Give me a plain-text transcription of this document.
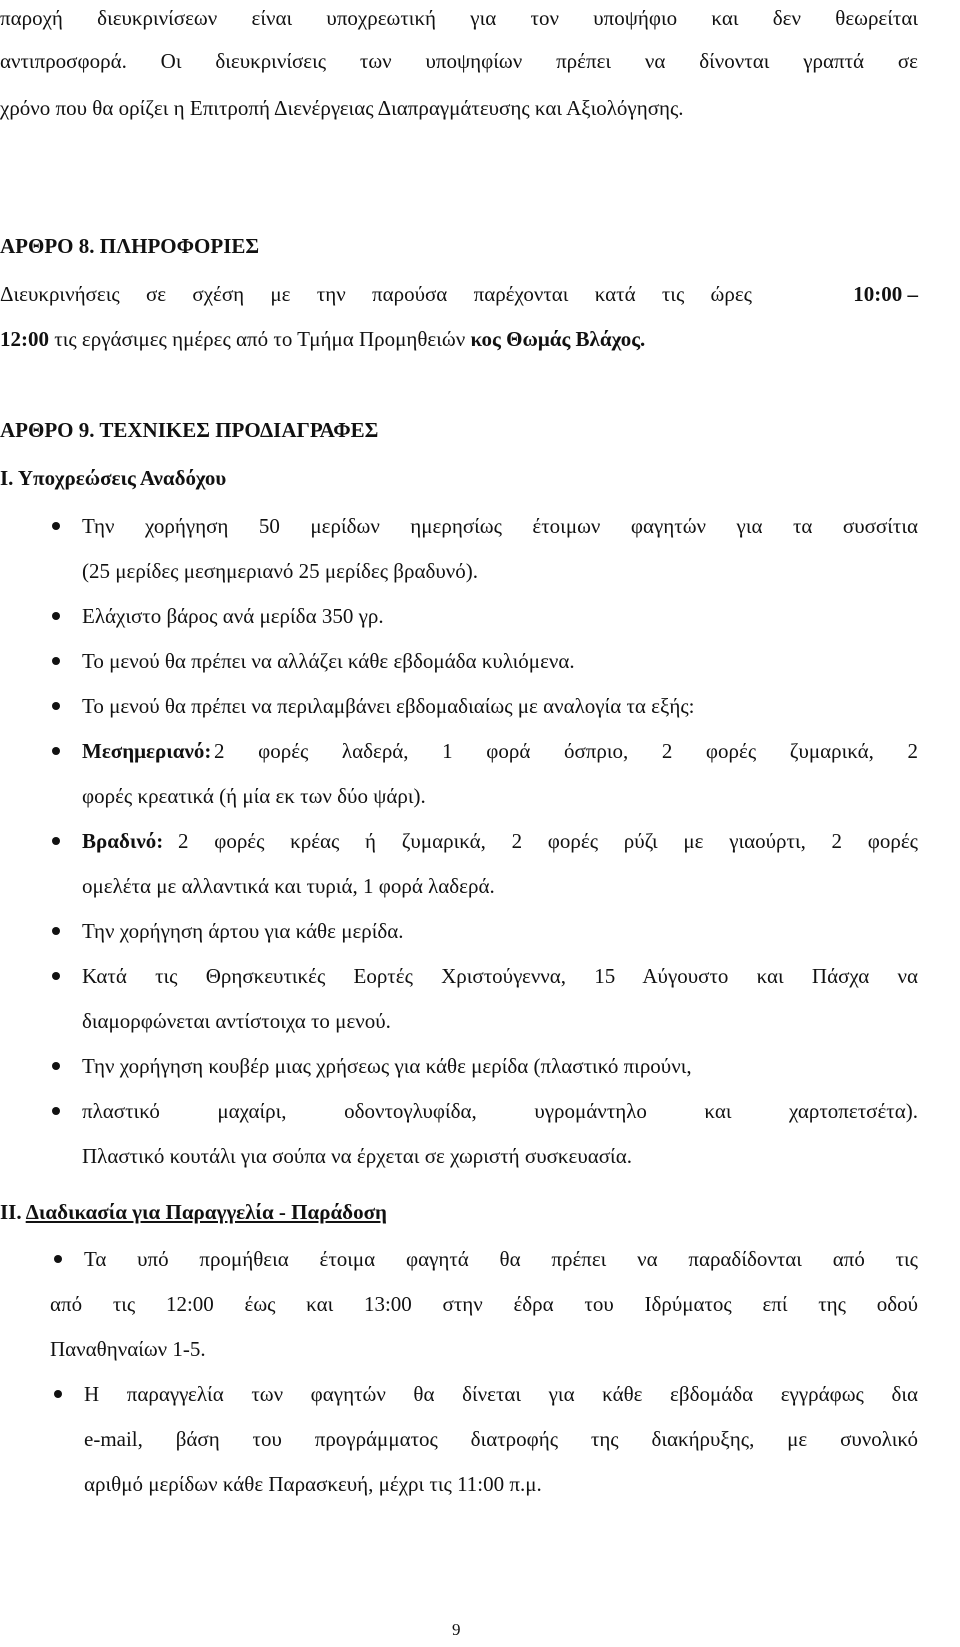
παροχή διευκρινίσεων είναι υποχρεωτική για τον υποψήφιο και δεν θεωρείται
αντιπροσφορά. Οι διευκρινίσεις των υποψηφίων πρέπει να δίνονται γραπτά σε
χρόνο που θα ορίζει η Επιτροπή Διενέργειας Διαπραγμάτευσης και Αξιολόγησης.
ΑΡΘΡΟ 8. ΠΛΗΡΟΦΟΡΙΕΣ
Διευκρινήσεις σε σχέση με την παρούσα παρέχονται κατά τις ώρες	10:00 –
12:00 τις εργάσιμες ημέρες από το Τμήμα Προμηθειών κος Θωμάς Βλάχος.
ΑΡΘΡΟ 9. ΤΕΧΝΙΚΕΣ ΠΡΟΔΙΑΓΡΑΦΕΣ
Ι. Υποχρεώσεις Αναδόχου
Την χορήγηση 50 μερίδων ημερησίως έτοιμων φαγητών για τα συσσίτια
(25 μερίδες μεσημεριανό 25 μερίδες βραδυνό).
Ελάχιστο βάρος ανά μερίδα 350 γρ.
Το μενού θα πρέπει να αλλάζει κάθε εβδομάδα κυλιόμενα.
Το μενού θα πρέπει να περιλαμβάνει εβδομαδιαίως με αναλογία τα εξής:
Μεσημεριανό: 2 φορές λαδερά, 1 φορά όσπριο, 2 φορές ζυμαρικά, 2
φορές κρεατικά (ή μία εκ των δύο ψάρι).
Βραδινό: 2 φορές κρέας ή ζυμαρικά, 2 φορές ρύζι με γιαούρτι, 2 φορές
ομελέτα με αλλαντικά και τυριά, 1 φορά λαδερά.
Την χορήγηση άρτου για κάθε μερίδα.
Κατά τις Θρησκευτικές Εορτές Χριστούγεννα, 15 Αύγουστο και Πάσχα να
διαμορφώνεται αντίστοιχα το μενού.
Την χορήγηση κουβέρ μιας χρήσεως για κάθε μερίδα (πλαστικό πιρούνι,
πλαστικό μαχαίρι, οδοντογλυφίδα, υγρομάντηλο και χαρτοπετσέτα).
Πλαστικό κουτάλι για σούπα να έρχεται σε χωριστή συσκευασία.
ΙΙ. Διαδικασία για Παραγγελία - Παράδοση
Τα υπό προμήθεια έτοιμα φαγητά θα πρέπει να παραδίδονται από τις
από τις 12:00 έως και 13:00 στην έδρα του Ιδρύματος επί της οδού
Παναθηναίων 1-5.
Η παραγγελία των φαγητών θα δίνεται για κάθε εβδομάδα εγγράφως δια
e-mail, βάση του προγράμματος διατροφής της διακήρυξης, με συνολικό
αριθμό μερίδων κάθε Παρασκευή, μέχρι τις 11:00 π.μ.
9
